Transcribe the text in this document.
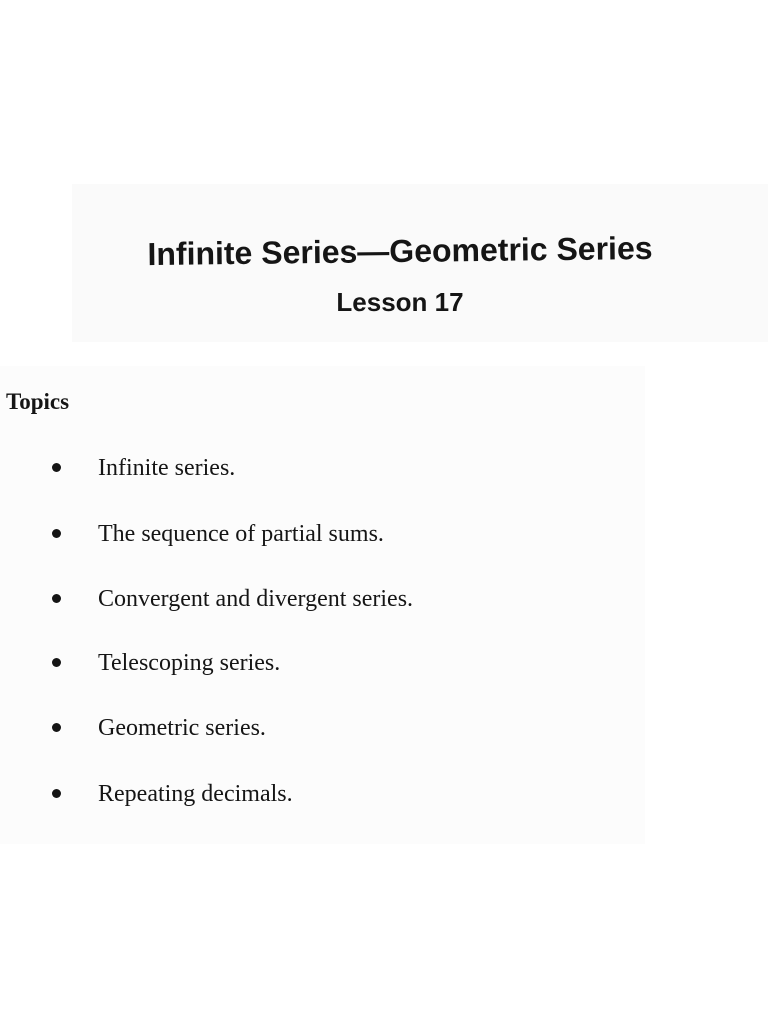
Infinite Series—Geometric Series
Lesson 17
Topics
Infinite series.
The sequence of partial sums.
Convergent and divergent series.
Telescoping series.
Geometric series.
Repeating decimals.
